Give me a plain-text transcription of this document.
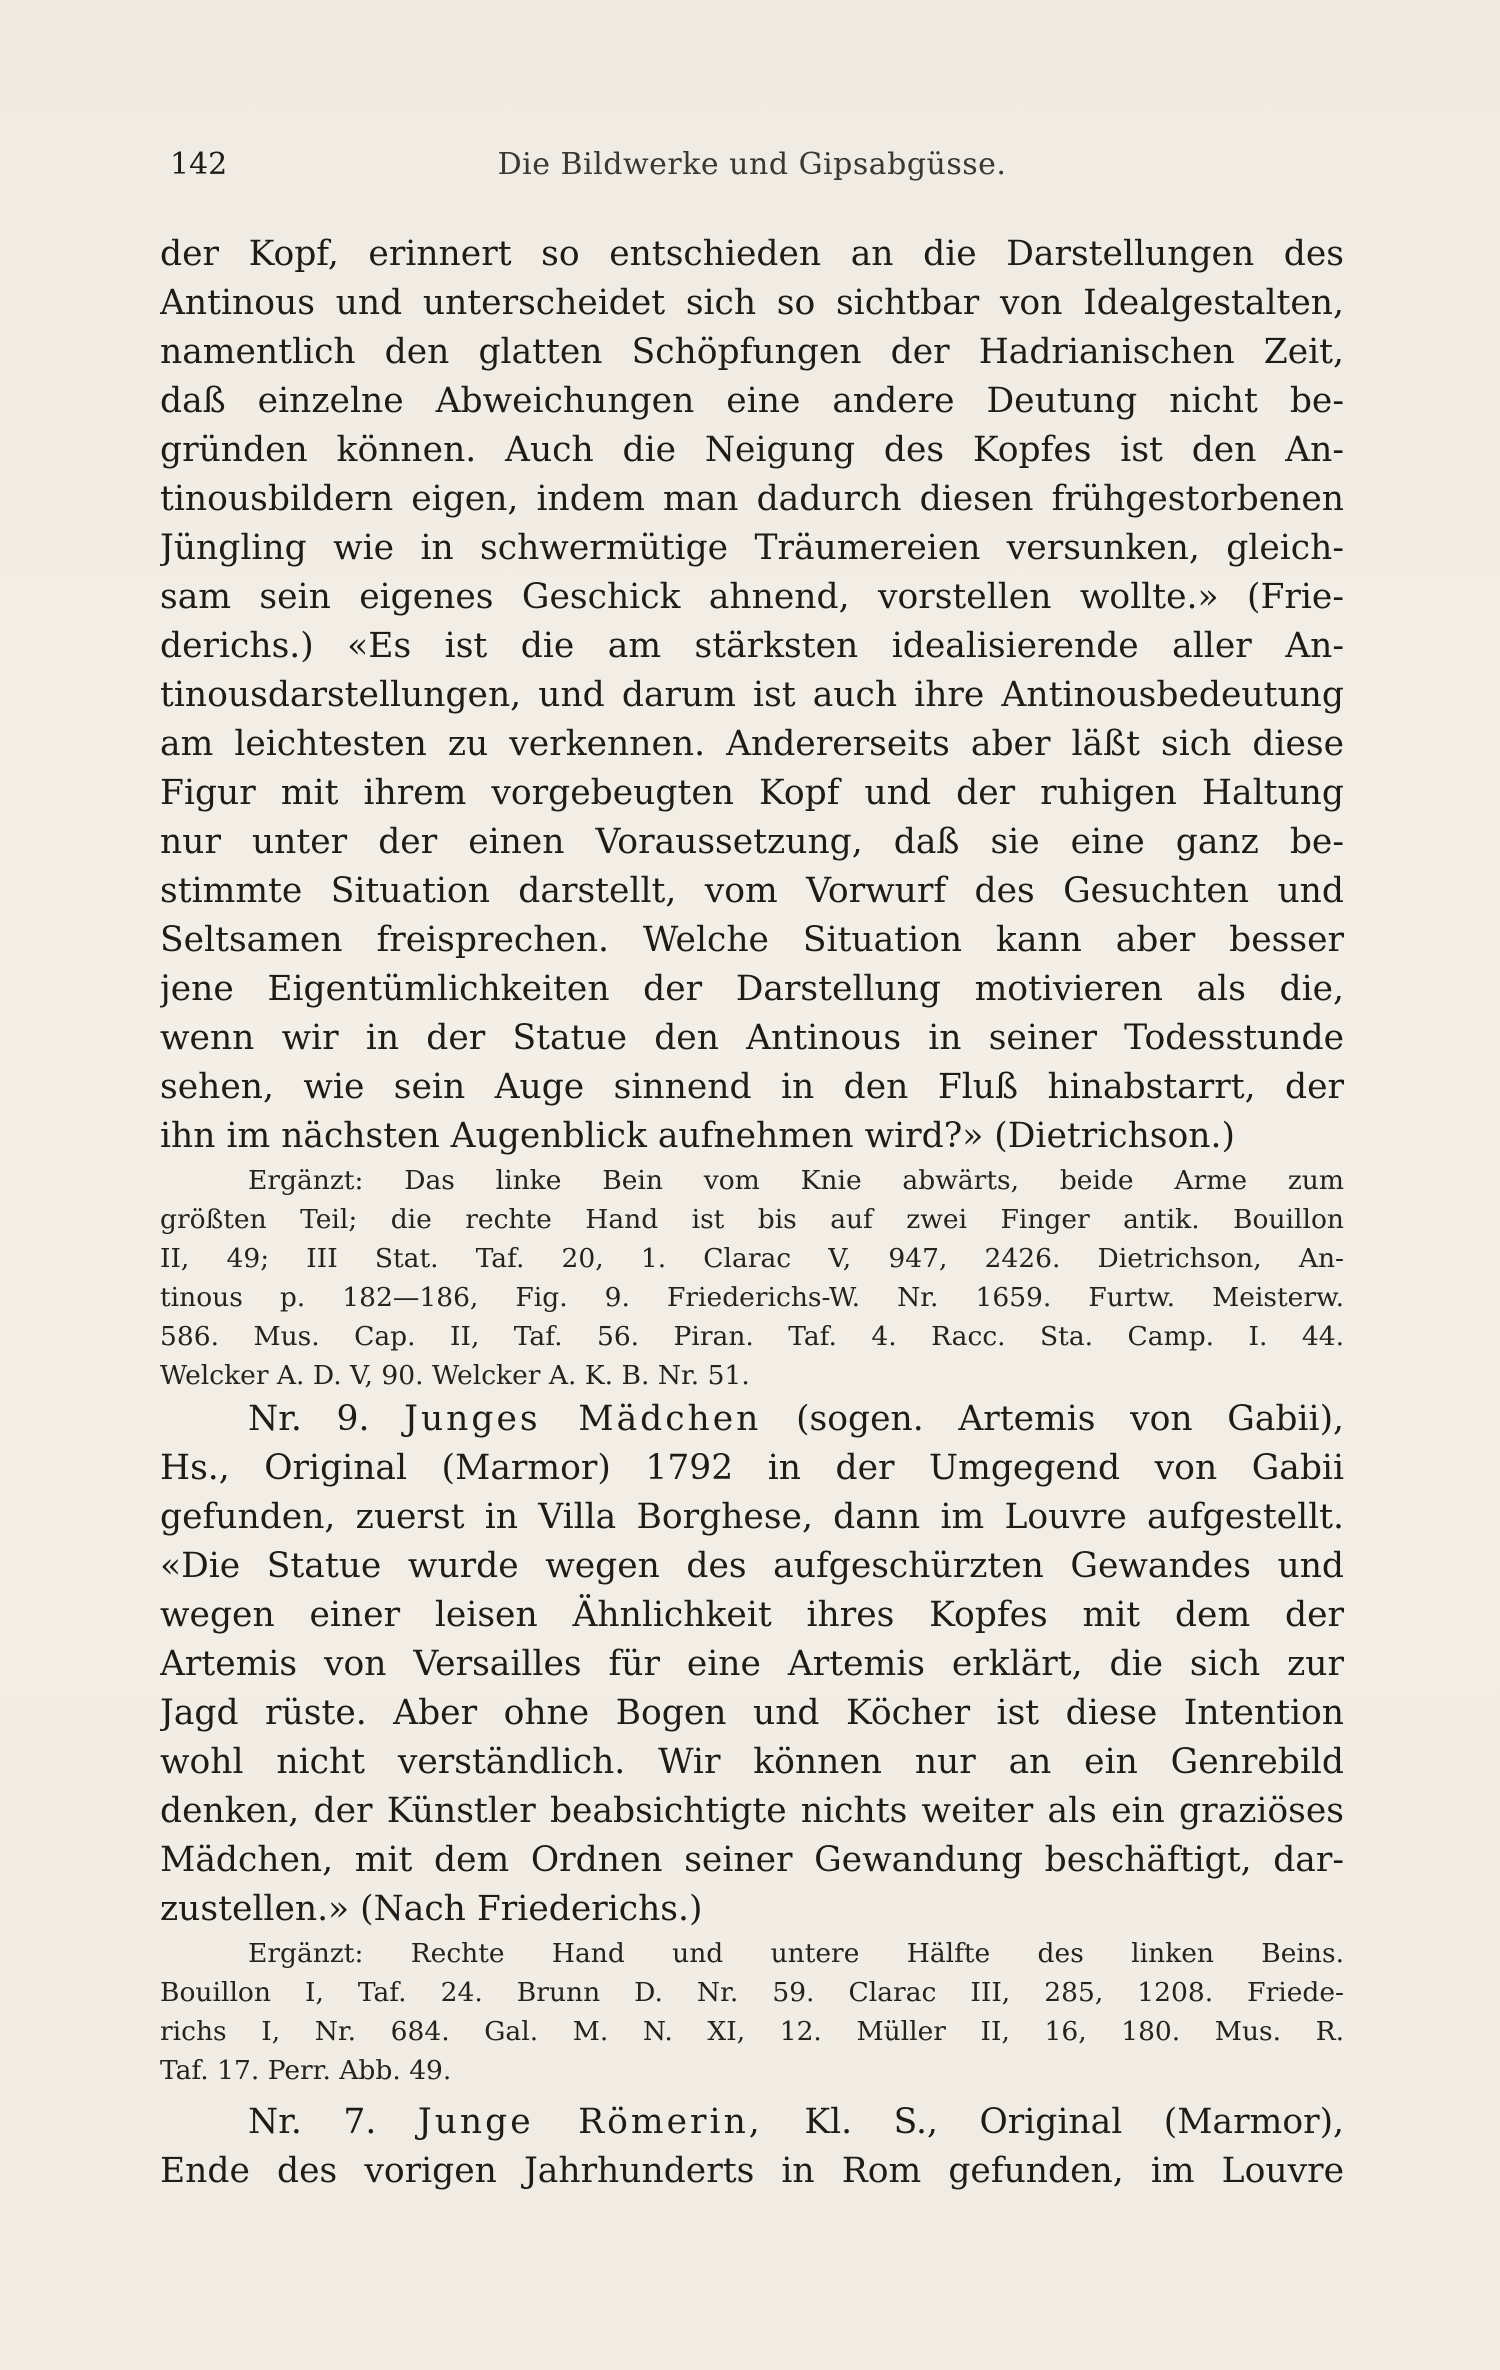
142	Die Bildwerke und Gipsabgüsse.
der Kopf, erinnert so entschieden an die Darstellungen des
Antinous und unterscheidet sich so sichtbar von Idealgestalten,
namentlich den glatten Schöpfungen der Hadrianischen Zeit,
daß einzelne Abweichungen eine andere Deutung nicht be-
gründen können. Auch die Neigung des Kopfes ist den An-
tinousbildern eigen, indem man dadurch diesen frühgestorbenen
Jüngling wie in schwermütige Träumereien versunken, gleich-
sam sein eigenes Geschick ahnend, vorstellen wollte.» (Frie-
derichs.) «Es ist die am stärksten idealisierende aller An-
tinousdarstellungen, und darum ist auch ihre Antinousbedeutung
am leichtesten zu verkennen. Andererseits aber läßt sich diese
Figur mit ihrem vorgebeugten Kopf und der ruhigen Haltung
nur unter der einen Voraussetzung, daß sie eine ganz be-
stimmte Situation darstellt, vom Vorwurf des Gesuchten und
Seltsamen freisprechen. Welche Situation kann aber besser
jene Eigentümlichkeiten der Darstellung motivieren als die,
wenn wir in der Statue den Antinous in seiner Todesstunde
sehen, wie sein Auge sinnend in den Fluß hinabstarrt, der
ihn im nächsten Augenblick aufnehmen wird?» (Dietrichson.)
Ergänzt: Das linke Bein vom Knie abwärts, beide Arme zum
größten Teil; die rechte Hand ist bis auf zwei Finger antik. Bouillon
II, 49; III Stat. Taf. 20, 1. Clarac V, 947, 2426. Dietrichson, An-
tinous p. 182—186, Fig. 9. Friederichs-W. Nr. 1659. Furtw. Meisterw.
586. Mus. Cap. II, Taf. 56. Piran. Taf. 4. Racc. Sta. Camp. I. 44.
Welcker A. D. V, 90. Welcker A. K. B. Nr. 51.
Nr. 9. Junges Mädchen (sogen. Artemis von Gabii),
Hs., Original (Marmor) 1792 in der Umgegend von Gabii
gefunden, zuerst in Villa Borghese, dann im Louvre aufgestellt.
«Die Statue wurde wegen des aufgeschürzten Gewandes und
wegen einer leisen Ähnlichkeit ihres Kopfes mit dem der
Artemis von Versailles für eine Artemis erklärt, die sich zur
Jagd rüste. Aber ohne Bogen und Köcher ist diese Intention
wohl nicht verständlich. Wir können nur an ein Genrebild
denken, der Künstler beabsichtigte nichts weiter als ein graziöses
Mädchen, mit dem Ordnen seiner Gewandung beschäftigt, dar-
zustellen.» (Nach Friederichs.)
Ergänzt: Rechte Hand und untere Hälfte des linken Beins.
Bouillon I, Taf. 24. Brunn D. Nr. 59. Clarac III, 285, 1208. Friede-
richs I, Nr. 684. Gal. M. N. XI, 12. Müller II, 16, 180. Mus. R.
Taf. 17. Perr. Abb. 49.
Nr. 7. Junge Römerin, Kl. S., Original (Marmor),
Ende des vorigen Jahrhunderts in Rom gefunden, im Louvre
